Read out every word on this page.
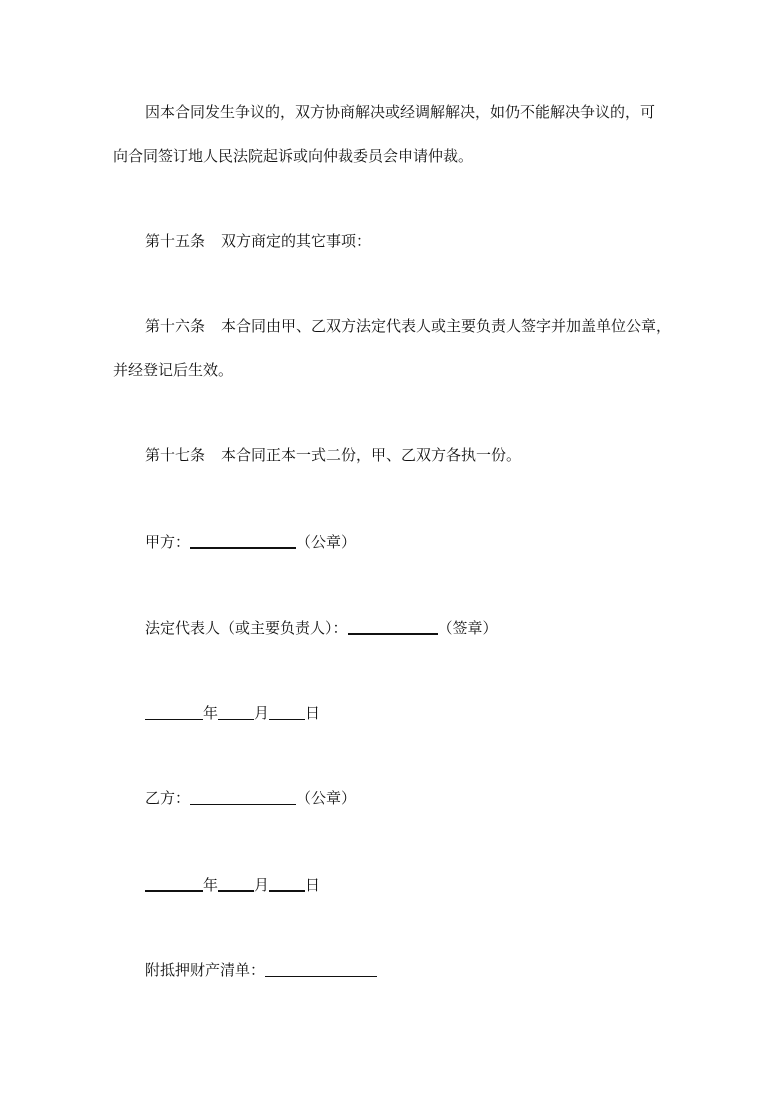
因本合同发生争议的，双方协商解决或经调解解决，如仍不能解决争议的，可
向合同签订地人民法院起诉或向仲裁委员会申请仲裁。
第十五条 双方商定的其它事项：
第十六条 本合同由甲、乙双方法定代表人或主要负责人签字并加盖单位公章，
并经登记后生效。
第十七条 本合同正本一式二份，甲、乙双方各执一份。
甲方：	（公章）
法定代表人（或主要负责人）：	（签章）
年 月 日
乙方：	（公章）
年 月 日
附抵押财产清单：
